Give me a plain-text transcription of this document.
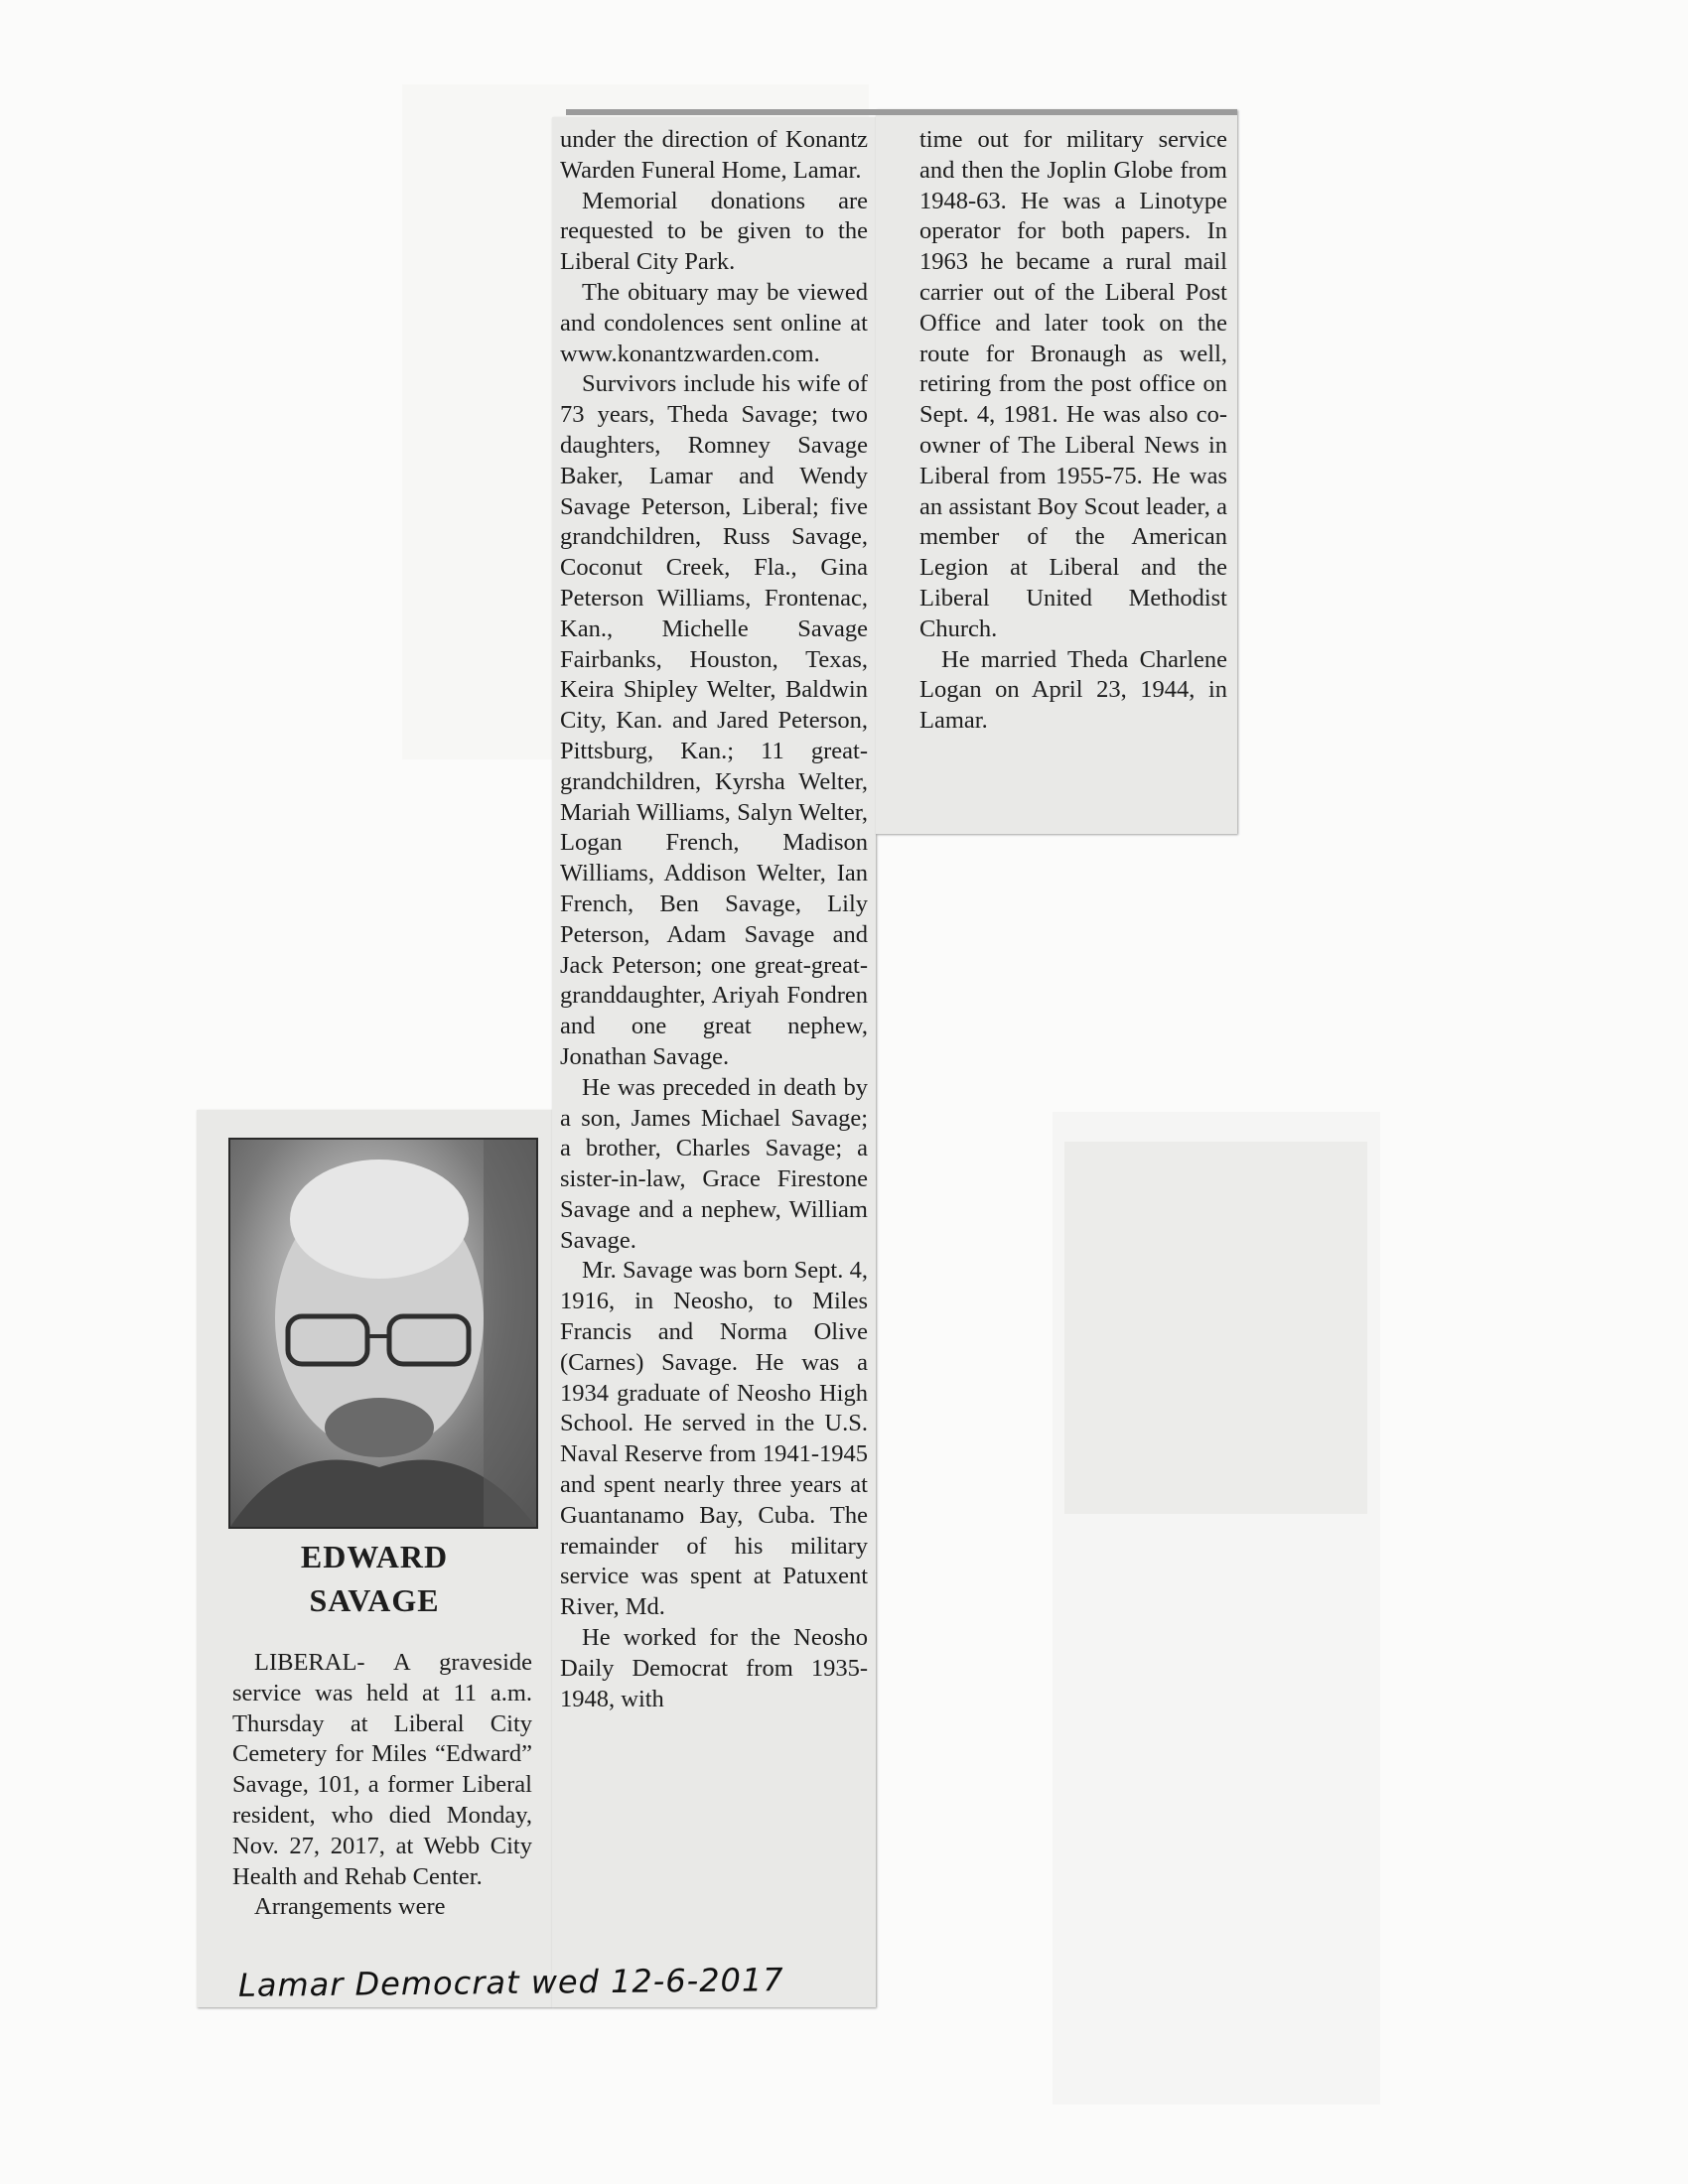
EDWARD
SAVAGE

LIBERAL- A graveside service was held at 11 a.m. Thursday at Liberal City Cemetery for Miles “Edward” Savage, 101, a former Liberal resident, who died Monday, Nov. 27, 2017, at Webb City Health and Rehab Center.

Arrangements were

under the direction of Konantz Warden Funeral Home, Lamar.

Memorial donations are requested to be given to the Liberal City Park.

The obituary may be viewed and condolences sent online at www.konantzwarden.com.

Survivors include his wife of 73 years, Theda Savage; two daughters, Romney Savage Baker, Lamar and Wendy Savage Peterson, Liberal; five grandchildren, Russ Savage, Coconut Creek, Fla., Gina Peterson Williams, Frontenac, Kan., Michelle Savage Fairbanks, Houston, Texas, Keira Shipley Welter, Baldwin City, Kan. and Jared Peterson, Pittsburg, Kan.; 11 great-grandchildren, Kyrsha Welter, Mariah Williams, Salyn Welter, Logan French, Madison Williams, Addison Welter, Ian French, Ben Savage, Lily Peterson, Adam Savage and Jack Peterson; one great-great-granddaughter, Ariyah Fondren and one great nephew, Jonathan Savage.

He was preceded in death by a son, James Michael Savage; a brother, Charles Savage; a sister-in-law, Grace Firestone Savage and a nephew, William Savage.

Mr. Savage was born Sept. 4, 1916, in Neosho, to Miles Francis and Norma Olive (Carnes) Savage. He was a 1934 graduate of Neosho High School. He served in the U.S. Naval Reserve from 1941-1945 and spent nearly three years at Guantanamo Bay, Cuba. The remainder of his military service was spent at Patuxent River, Md.

He worked for the Neosho Daily Democrat from 1935-1948, with

time out for military service and then the Joplin Globe from 1948-63. He was a Linotype operator for both papers. In 1963 he became a rural mail carrier out of the Liberal Post Office and later took on the route for Bronaugh as well, retiring from the post office on Sept. 4, 1981. He was also co-owner of The Liberal News in Liberal from 1955-75. He was an assistant Boy Scout leader, a member of the American Legion at Liberal and the Liberal United Methodist Church.

He married Theda Charlene Logan on April 23, 1944, in Lamar.

Lamar Democrat wed 12-6-2017
